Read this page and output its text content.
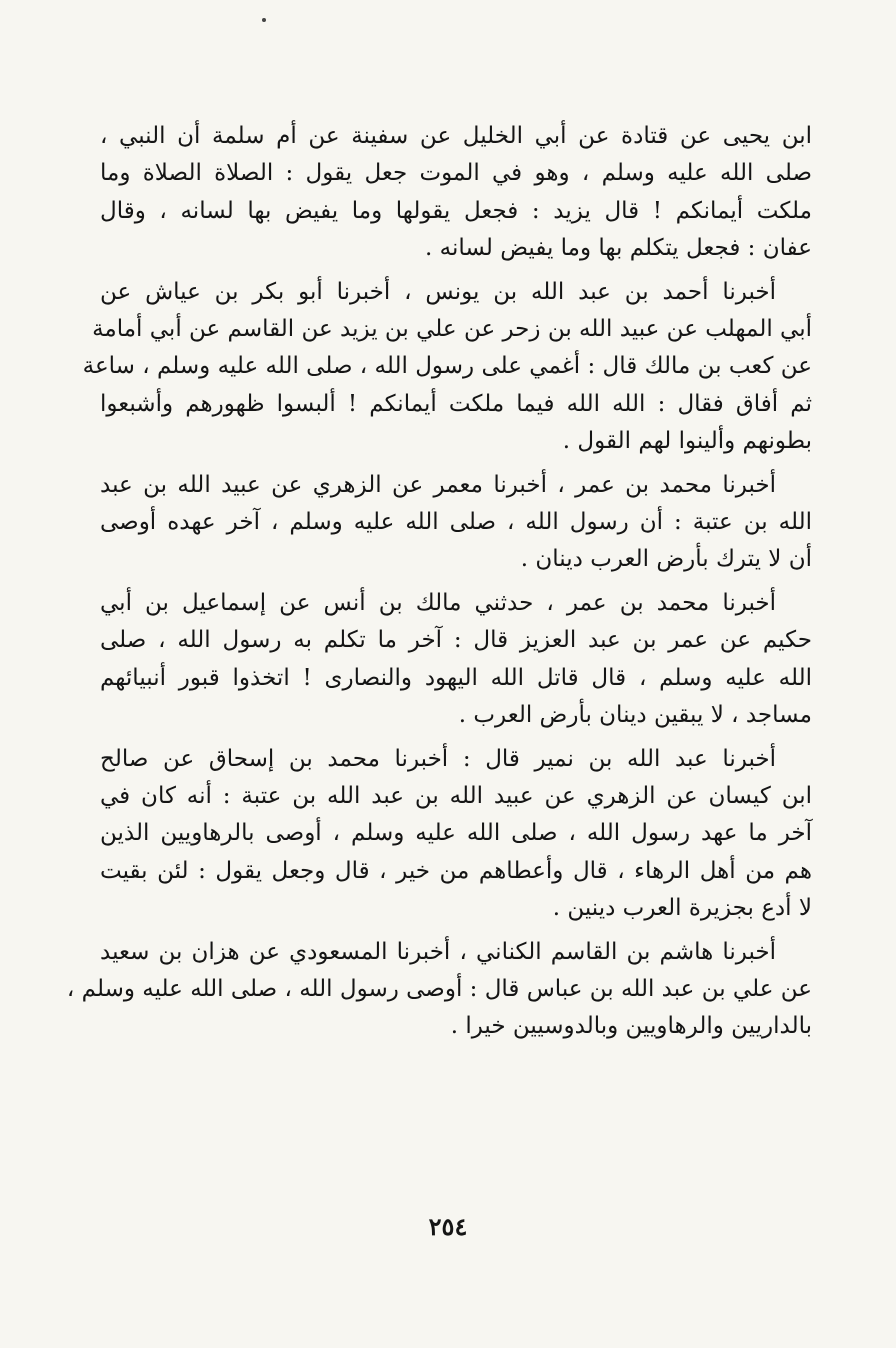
ابن يحيى عن قتادة عن أبي الخليل عن سفينة عن أم سلمة أن النبي ،
صلى الله عليه وسلم ، وهو في الموت جعل يقول : الصلاة الصلاة وما
ملكت أيمانكم ! قال يزيد : فجعل يقولها وما يفيض بها لسانه ، وقال
عفان : فجعل يتكلم بها وما يفيض لسانه .
أخبرنا أحمد بن عبد الله بن يونس ، أخبرنا أبو بكر بن عياش عن
أبي المهلب عن عبيد الله بن زحر عن علي بن يزيد عن القاسم عن أبي أمامة
عن كعب بن مالك قال : أغمي على رسول الله ، صلى الله عليه وسلم ، ساعة
ثم أفاق فقال : الله الله فيما ملكت أيمانكم ! ألبسوا ظهورهم وأشبعوا
بطونهم وألينوا لهم القول .
أخبرنا محمد بن عمر ، أخبرنا معمر عن الزهري عن عبيد الله بن عبد
الله بن عتبة : أن رسول الله ، صلى الله عليه وسلم ، آخر عهده أوصى
أن لا يترك بأرض العرب دينان .
أخبرنا محمد بن عمر ، حدثني مالك بن أنس عن إسماعيل بن أبي
حكيم عن عمر بن عبد العزيز قال : آخر ما تكلم به رسول الله ، صلى
الله عليه وسلم ، قال قاتل الله اليهود والنصارى ! اتخذوا قبور أنبيائهم
مساجد ، لا يبقين دينان بأرض العرب .
أخبرنا عبد الله بن نمير قال : أخبرنا محمد بن إسحاق عن صالح
ابن كيسان عن الزهري عن عبيد الله بن عبد الله بن عتبة : أنه كان في
آخر ما عهد رسول الله ، صلى الله عليه وسلم ، أوصى بالرهاويين الذين
هم من أهل الرهاء ، قال وأعطاهم من خير ، قال وجعل يقول : لئن بقيت
لا أدع بجزيرة العرب دينين .
أخبرنا هاشم بن القاسم الكناني ، أخبرنا المسعودي عن هزان بن سعيد
عن علي بن عبد الله بن عباس قال : أوصى رسول الله ، صلى الله عليه وسلم ،
بالداريين والرهاويين وبالدوسيين خيرا .
٢٥٤
